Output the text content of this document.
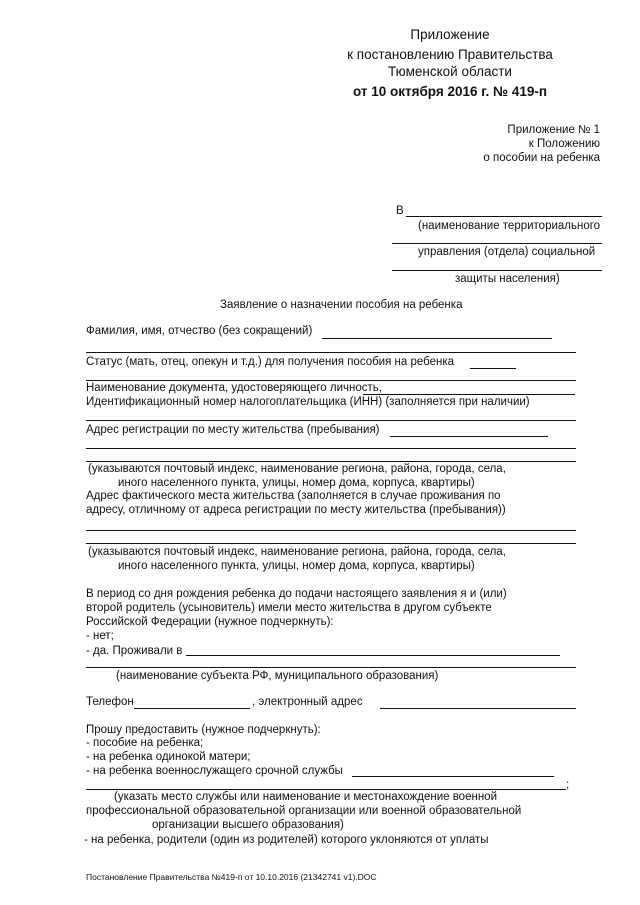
Приложение
к постановлению Правительства
Тюменской области
от 10 октября 2016 г. № 419-п
Приложение № 1
к Положению
о пособии на ребенка
В
(наименование территориального
управления (отдела) социальной
защиты населения)
Заявление о назначении пособия на ребенка
Фамилия, имя, отчество (без сокращений)
Статус (мать, отец, опекун и т.д.) для получения пособия на ребенка
Наименование документа, удостоверяющего личность,
Идентификационный номер налогоплательщика (ИНН) (заполняется при наличии)
Адрес регистрации по месту жительства (пребывания)
(указываются почтовый индекс, наименование региона, района, города, села,
иного населенного пункта, улицы, номер дома, корпуса, квартиры)
Адрес фактического места жительства (заполняется в случае проживания по
адресу, отличному от адреса регистрации по месту жительства (пребывания))
(указываются почтовый индекс, наименование региона, района, города, села,
иного населенного пункта, улицы, номер дома, корпуса, квартиры)
В период со дня рождения ребенка до подачи настоящего заявления я и (или)
второй родитель (усыновитель) имели место жительства в другом субъекте
Российской Федерации (нужное подчеркнуть):
- нет;
- да. Проживали в
(наименование субъекта РФ, муниципального образования)
Телефон	, электронный адрес
Прошу предоставить (нужное подчеркнуть):
- пособие на ребенка;
- на ребенка одинокой матери;
- на ребенка военнослужащего срочной службы
;
(указать место службы или наименование и местонахождение военной
профессиональной образовательной организации или военной образовательной
организации высшего образования)
- на ребенка, родители (один из родителей) которого уклоняются от уплаты
Постановление Правительства №419-п от 10.10.2016 (21342741 v1).DOC
